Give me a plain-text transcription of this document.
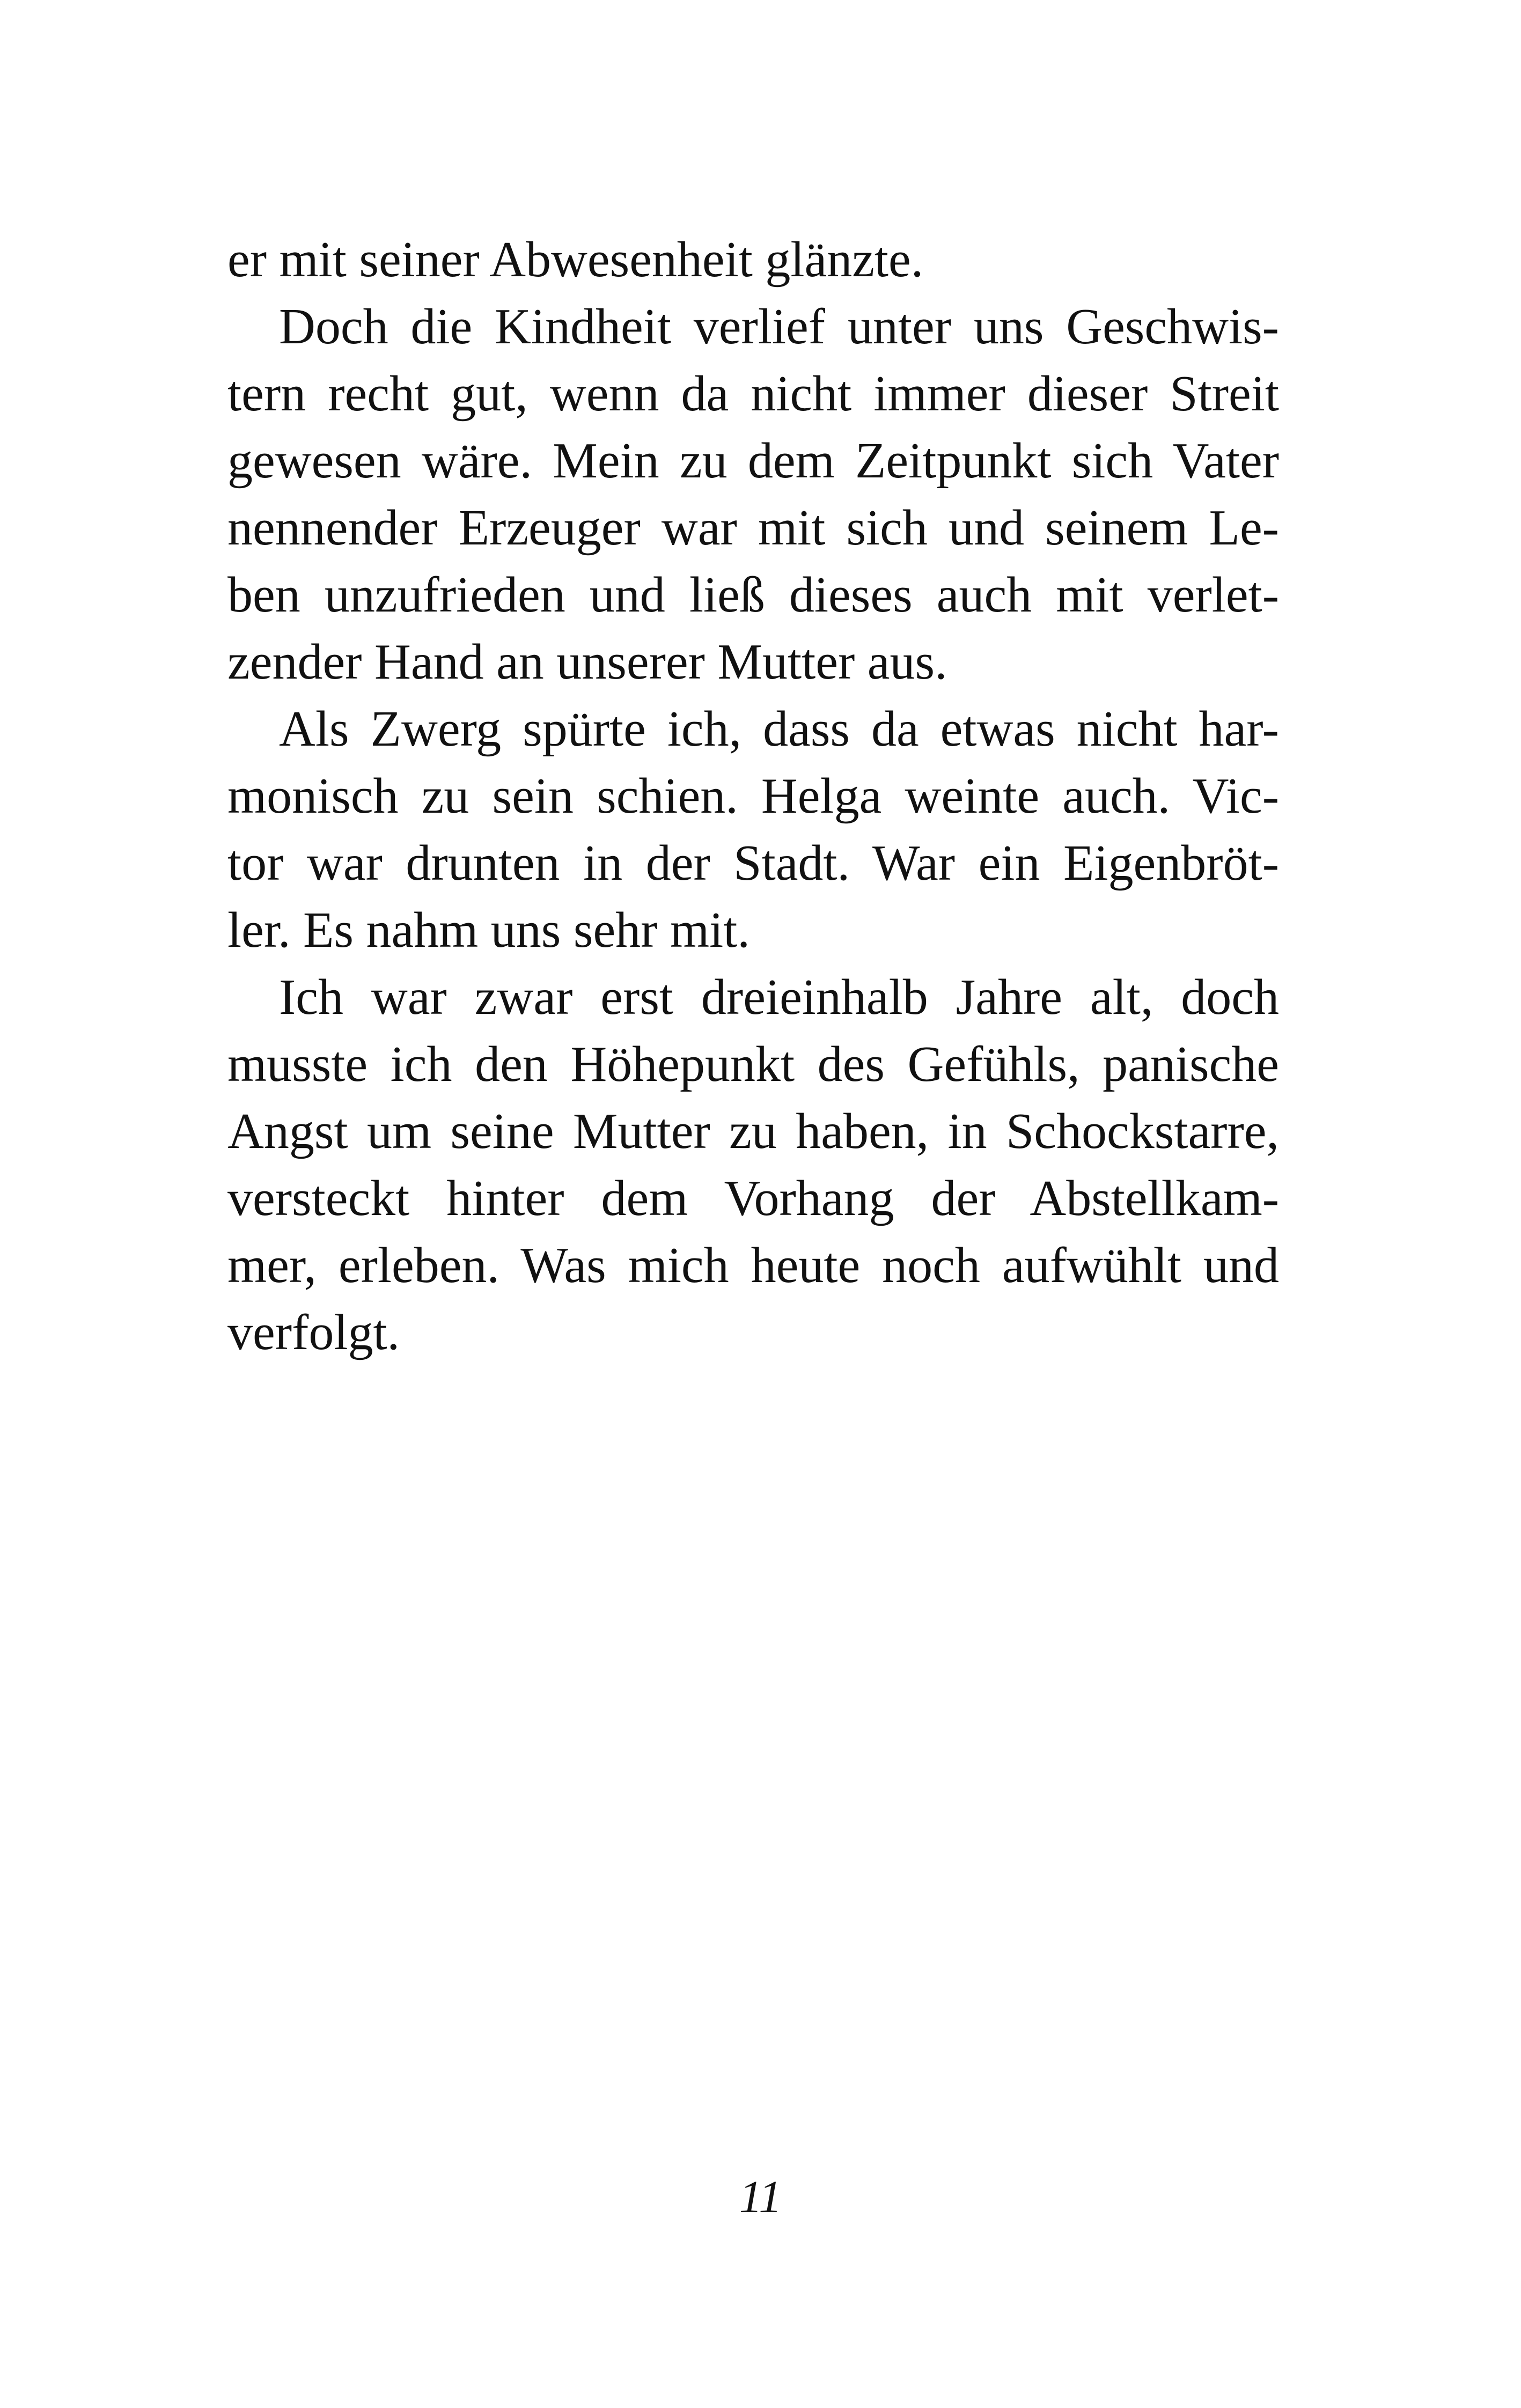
er mit seiner Abwesenheit glänzte.
Doch die Kindheit verlief unter uns Geschwis-
tern recht gut, wenn da nicht immer dieser Streit
gewesen wäre. Mein zu dem Zeitpunkt sich Vater
nennender Erzeuger war mit sich und seinem Le-
ben unzufrieden und ließ dieses auch mit verlet-
zender Hand an unserer Mutter aus.
Als Zwerg spürte ich, dass da etwas nicht har-
monisch zu sein schien. Helga weinte auch. Vic-
tor war drunten in der Stadt. War ein Eigenbröt-
ler. Es nahm uns sehr mit.
Ich war zwar erst dreieinhalb Jahre alt, doch
musste ich den Höhepunkt des Gefühls, panische
Angst um seine Mutter zu haben, in Schockstarre,
versteckt hinter dem Vorhang der Abstellkam-
mer, erleben. Was mich heute noch aufwühlt und
verfolgt.
11
